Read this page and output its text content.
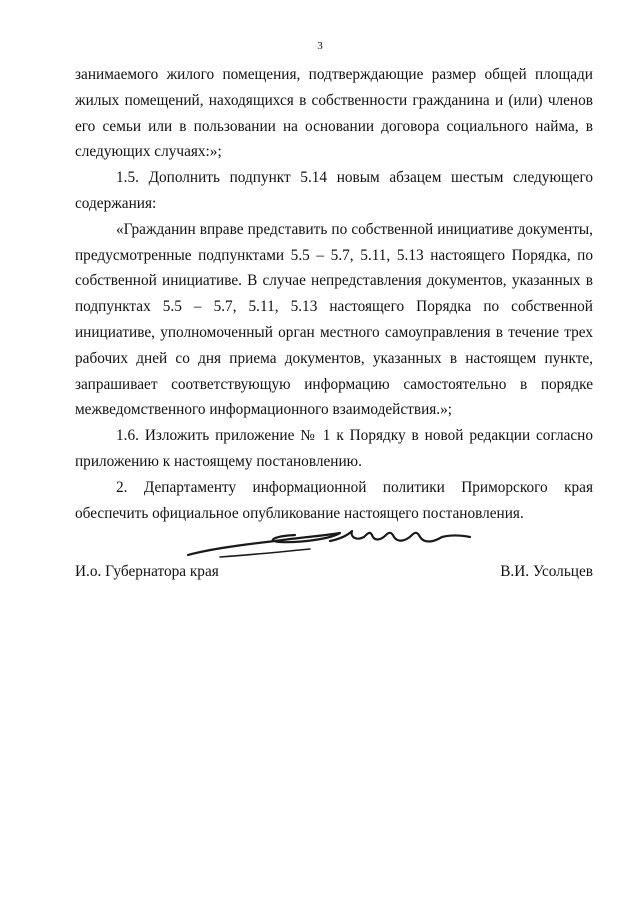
3

занимаемого жилого помещения, подтверждающие размер общей площади жилых помещений, находящихся в собственности гражданина и (или) членов его семьи или в пользовании на основании договора социального найма, в следующих случаях:»;

1.5. Дополнить подпункт 5.14 новым абзацем шестым следующего содержания:

«Гражданин вправе представить по собственной инициативе документы, предусмотренные подпунктами 5.5 – 5.7, 5.11, 5.13 настоящего Порядка, по собственной инициативе. В случае непредставления документов, указанных в подпунктах 5.5 – 5.7, 5.11, 5.13 настоящего Порядка по собственной инициативе, уполномоченный орган местного самоуправления в течение трех рабочих дней со дня приема документов, указанных в настоящем пункте, запрашивает соответствующую информацию самостоятельно в порядке межведомственного информационного взаимодействия.»;

1.6. Изложить приложение № 1 к Порядку в новой редакции согласно приложению к настоящему постановлению.

2. Департаменту информационной политики Приморского края обеспечить официальное опубликование настоящего постановления.

И.о. Губернатора края	В.И. Усольцев
